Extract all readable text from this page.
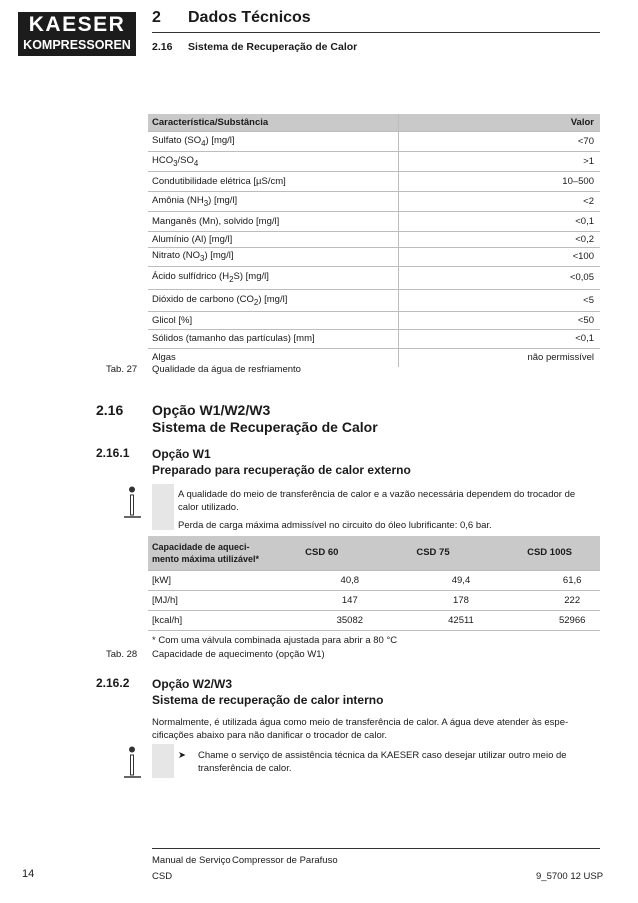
KAESER
KOMPRESSOREN
2 Dados Técnicos
2.16 Sistema de Recuperação de Calor
Característica/Substância	Valor
Sulfato $(SO_4)$ [mg/l]	<70
$HCO_3/SO_4$	>1
Condutibilidade elétrica [µS/cm]	10–500
Amônia $(NH_3)$ [mg/l]	<2
Manganês (Mn), solvido [mg/l]	<0,1
Alumínio (Al) [mg/l]	<0,2
Nitrato $(NO_3)$ [mg/l]	<100
Ácido sulfídrico $(H_2S)$ [mg/l]	<0,05
Dióxido de carbono $(CO_2)$ [mg/l]	<5
Glicol [%]	<50
Sólidos (tamanho das partículas) [mm]	<0,1
Algas	não permissível
Tab. 27 Qualidade da água de resfriamento
2.16 Opção W1/W2/W3
Sistema de Recuperação de Calor
2.16.1 Opção W1
Preparado para recuperação de calor externo
A qualidade do meio de transferência de calor e a vazão necessária dependem do trocador de
calor utilizado.
Perda de carga máxima admissível no circuito do óleo lubrificante: 0,6 bar.
Capacidade de aqueci-
mento máxima utilizável*	CSD 60	CSD 75	CSD 100S
[kW]	40,8	49,4	61,6
[MJ/h]	147	178	222
[kcal/h]	35082	42511	52966
* Com uma válvula combinada ajustada para abrir a 80 °C			
Tab. 28 Capacidade de aquecimento (opção W1)
2.16.2 Opção W2/W3
Sistema de recuperação de calor interno
Normalmente, é utilizada água como meio de transferência de calor. A água deve atender às espe-
cificações abaixo para não danificar o trocador de calor.
➤ Chame o serviço de assistência técnica da KAESER caso desejar utilizar outro meio de
transferência de calor.
Manual de Serviço Compressor de Parafuso
CSD
14	9_5700 12 USP
